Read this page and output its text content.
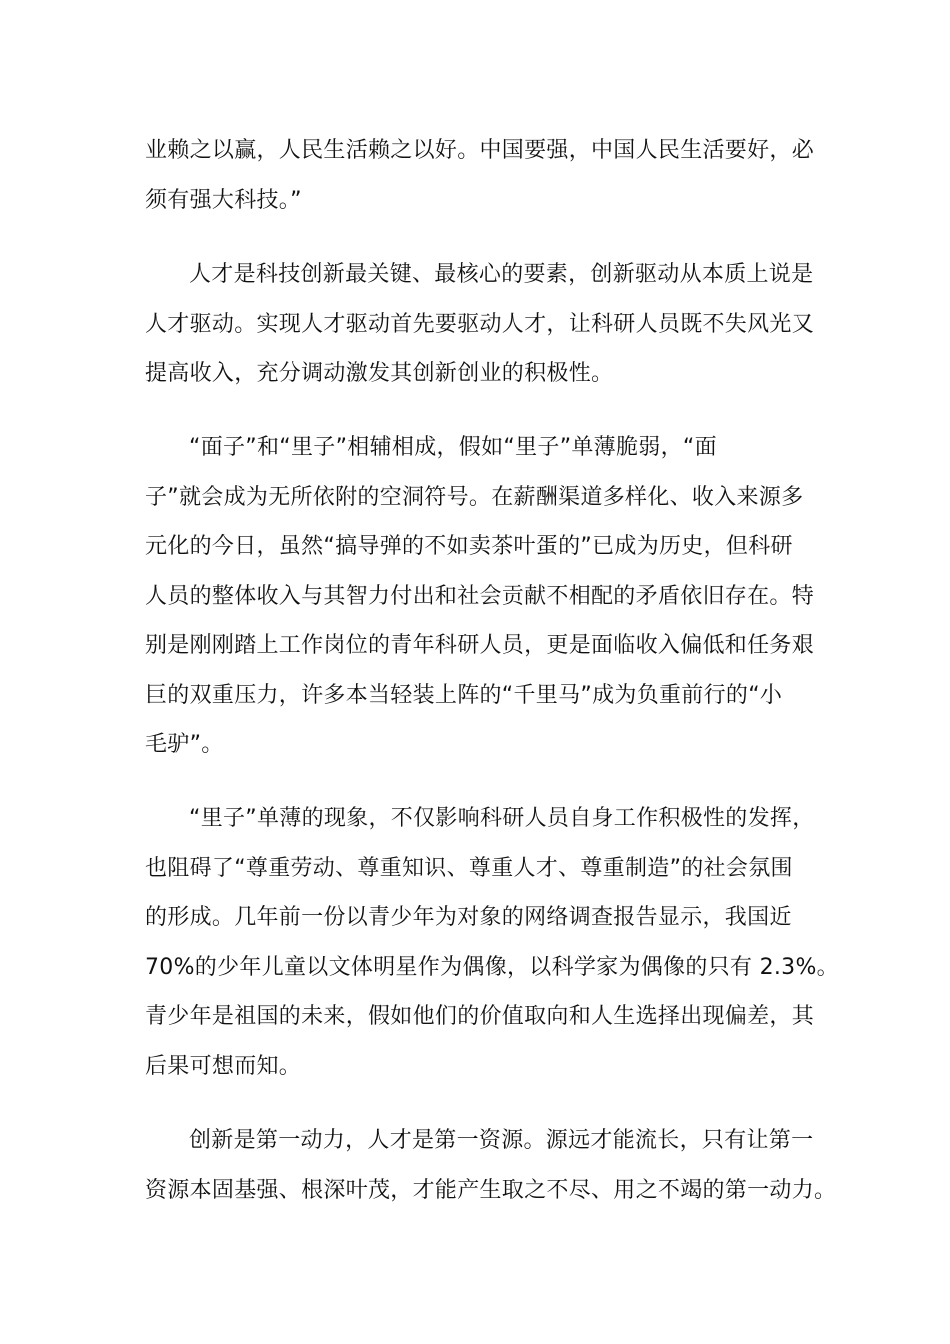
业赖之以赢，人民生活赖之以好。中国要强，中国人民生活要好，必
须有强大科技。”
人才是科技创新最关键、最核心的要素，创新驱动从本质上说是
人才驱动。实现人才驱动首先要驱动人才，让科研人员既不失风光又
提高收入，充分调动激发其创新创业的积极性。
“面子”和“里子”相辅相成，假如“里子”单薄脆弱，“面
子”就会成为无所依附的空洞符号。在薪酬渠道多样化、收入来源多
元化的今日，虽然“搞导弹的不如卖茶叶蛋的”已成为历史，但科研
人员的整体收入与其智力付出和社会贡献不相配的矛盾依旧存在。特
别是刚刚踏上工作岗位的青年科研人员，更是面临收入偏低和任务艰
巨的双重压力，许多本当轻装上阵的“千里马”成为负重前行的“小
毛驴”。
“里子”单薄的现象，不仅影响科研人员自身工作积极性的发挥，
也阻碍了“尊重劳动、尊重知识、尊重人才、尊重制造”的社会氛围
的形成。几年前一份以青少年为对象的网络调查报告显示，我国近
70%的少年儿童以文体明星作为偶像，以科学家为偶像的只有 2.3%。
青少年是祖国的未来，假如他们的价值取向和人生选择出现偏差，其
后果可想而知。
创新是第一动力，人才是第一资源。源远才能流长，只有让第一
资源本固基强、根深叶茂，才能产生取之不尽、用之不竭的第一动力。
